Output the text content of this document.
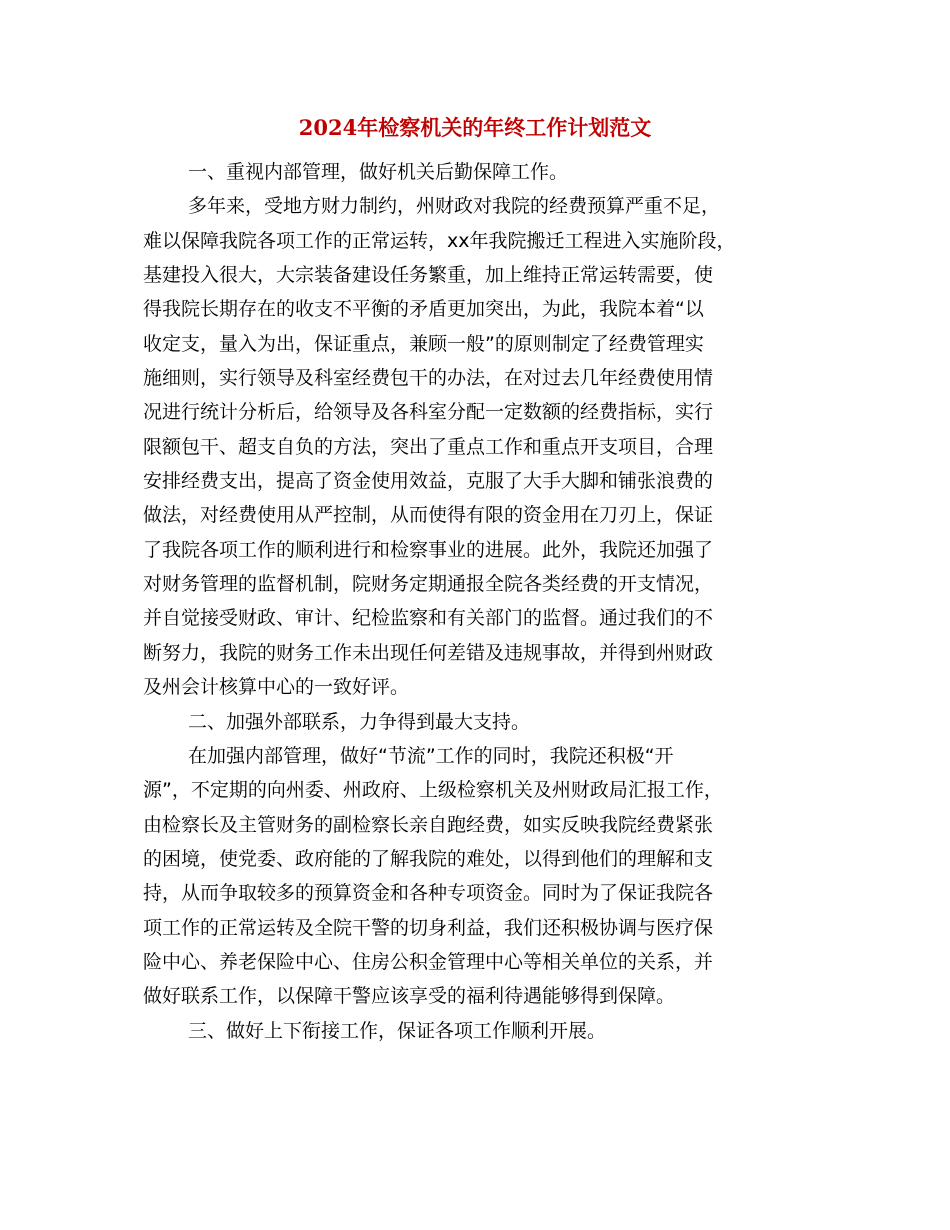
2024年检察机关的年终工作计划范文
一、重视内部管理，做好机关后勤保障工作。
多年来，受地方财力制约，州财政对我院的经费预算严重不足，
难以保障我院各项工作的正常运转，xx年我院搬迁工程进入实施阶段，
基建投入很大，大宗装备建设任务繁重，加上维持正常运转需要，使
得我院长期存在的收支不平衡的矛盾更加突出，为此，我院本着“以
收定支，量入为出，保证重点，兼顾一般”的原则制定了经费管理实
施细则，实行领导及科室经费包干的办法，在对过去几年经费使用情
况进行统计分析后，给领导及各科室分配一定数额的经费指标，实行
限额包干、超支自负的方法，突出了重点工作和重点开支项目，合理
安排经费支出，提高了资金使用效益，克服了大手大脚和铺张浪费的
做法，对经费使用从严控制，从而使得有限的资金用在刀刃上，保证
了我院各项工作的顺利进行和检察事业的进展。此外，我院还加强了
对财务管理的监督机制，院财务定期通报全院各类经费的开支情况，
并自觉接受财政、审计、纪检监察和有关部门的监督。通过我们的不
断努力，我院的财务工作未出现任何差错及违规事故，并得到州财政
及州会计核算中心的一致好评。
二、加强外部联系，力争得到最大支持。
在加强内部管理，做好“节流”工作的同时，我院还积极“开
源”，不定期的向州委、州政府、上级检察机关及州财政局汇报工作，
由检察长及主管财务的副检察长亲自跑经费，如实反映我院经费紧张
的困境，使党委、政府能的了解我院的难处，以得到他们的理解和支
持，从而争取较多的预算资金和各种专项资金。同时为了保证我院各
项工作的正常运转及全院干警的切身利益，我们还积极协调与医疗保
险中心、养老保险中心、住房公积金管理中心等相关单位的关系，并
做好联系工作，以保障干警应该享受的福利待遇能够得到保障。
三、做好上下衔接工作，保证各项工作顺利开展。
